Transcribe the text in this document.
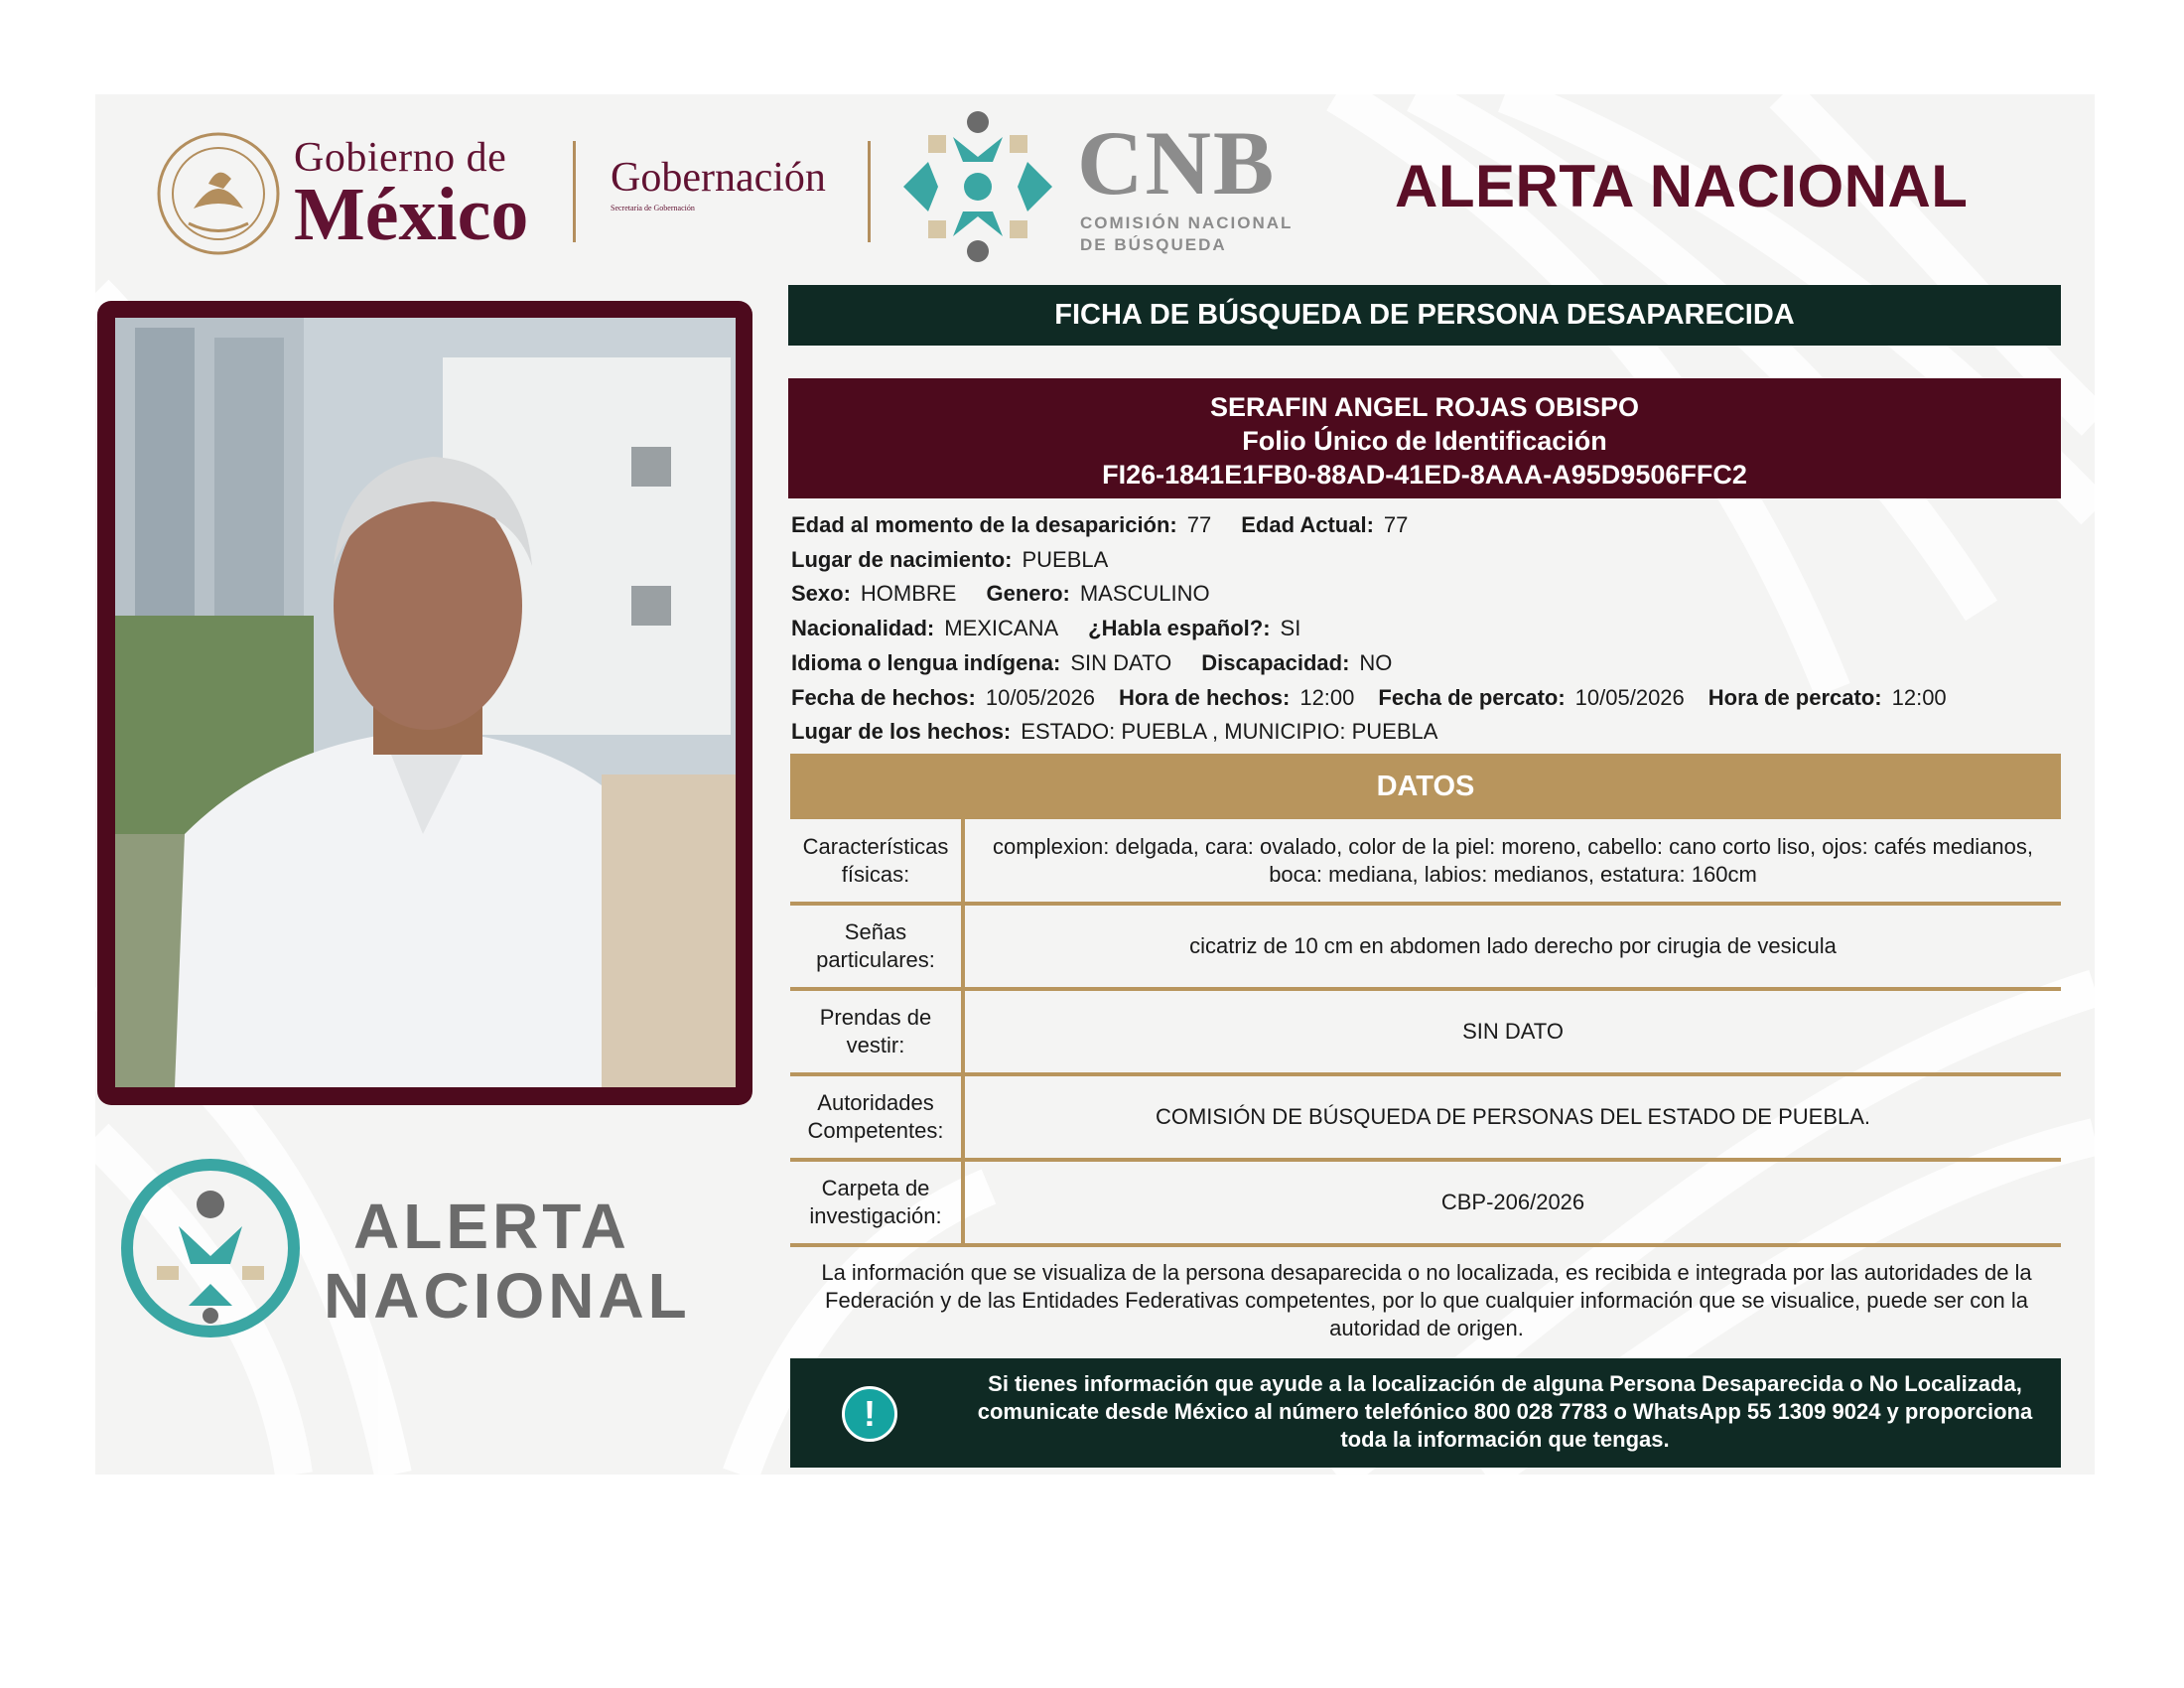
Gobierno de
México Gobernación
Secretaría de Gobernación	CNB
COMISIÓN NACIONAL
DE BÚSQUEDA
ALERTA NACIONAL
ALERTA
NACIONAL
FICHA DE BÚSQUEDA DE PERSONA DESAPARECIDA
SERAFIN ANGEL ROJAS OBISPO
Folio Único de Identificación
FI26-1841E1FB0-88AD-41ED-8AAA-A95D9506FFC2
Edad al momento de la desaparición: 77 Edad Actual: 77
Lugar de nacimiento: PUEBLA
Sexo: HOMBRE Genero: MASCULINO
Nacionalidad: MEXICANA ¿Habla español?: SI
Idioma o lengua indígena: SIN DATO Discapacidad: NO
Fecha de hechos: 10/05/2026 Hora de hechos: 12:00 Fecha de percato: 10/05/2026 Hora de percato: 12:00
Lugar de los hechos: ESTADO: PUEBLA , MUNICIPIO: PUEBLA
DATOS
Características físicas:
complexion: delgada, cara: ovalado, color de la piel: moreno, cabello: cano corto liso, ojos: cafés medianos, boca: mediana, labios: medianos, estatura: 160cm
Señas particulares:
cicatriz de 10 cm en abdomen lado derecho por cirugia de vesicula
Prendas de vestir:
SIN DATO
Autoridades Competentes:
COMISIÓN DE BÚSQUEDA DE PERSONAS DEL ESTADO DE PUEBLA.
Carpeta de investigación:
CBP-206/2026
La información que se visualiza de la persona desaparecida o no localizada, es recibida e integrada por las autoridades de la Federación y de las Entidades Federativas competentes, por lo que cualquier información que se visualice, puede ser con la autoridad de origen.
!
Si tienes información que ayude a la localización de alguna Persona Desaparecida o No Localizada, comunicate desde México al número telefónico 800 028 7783 o WhatsApp 55 1309 9024 y proporciona toda la información que tengas.
